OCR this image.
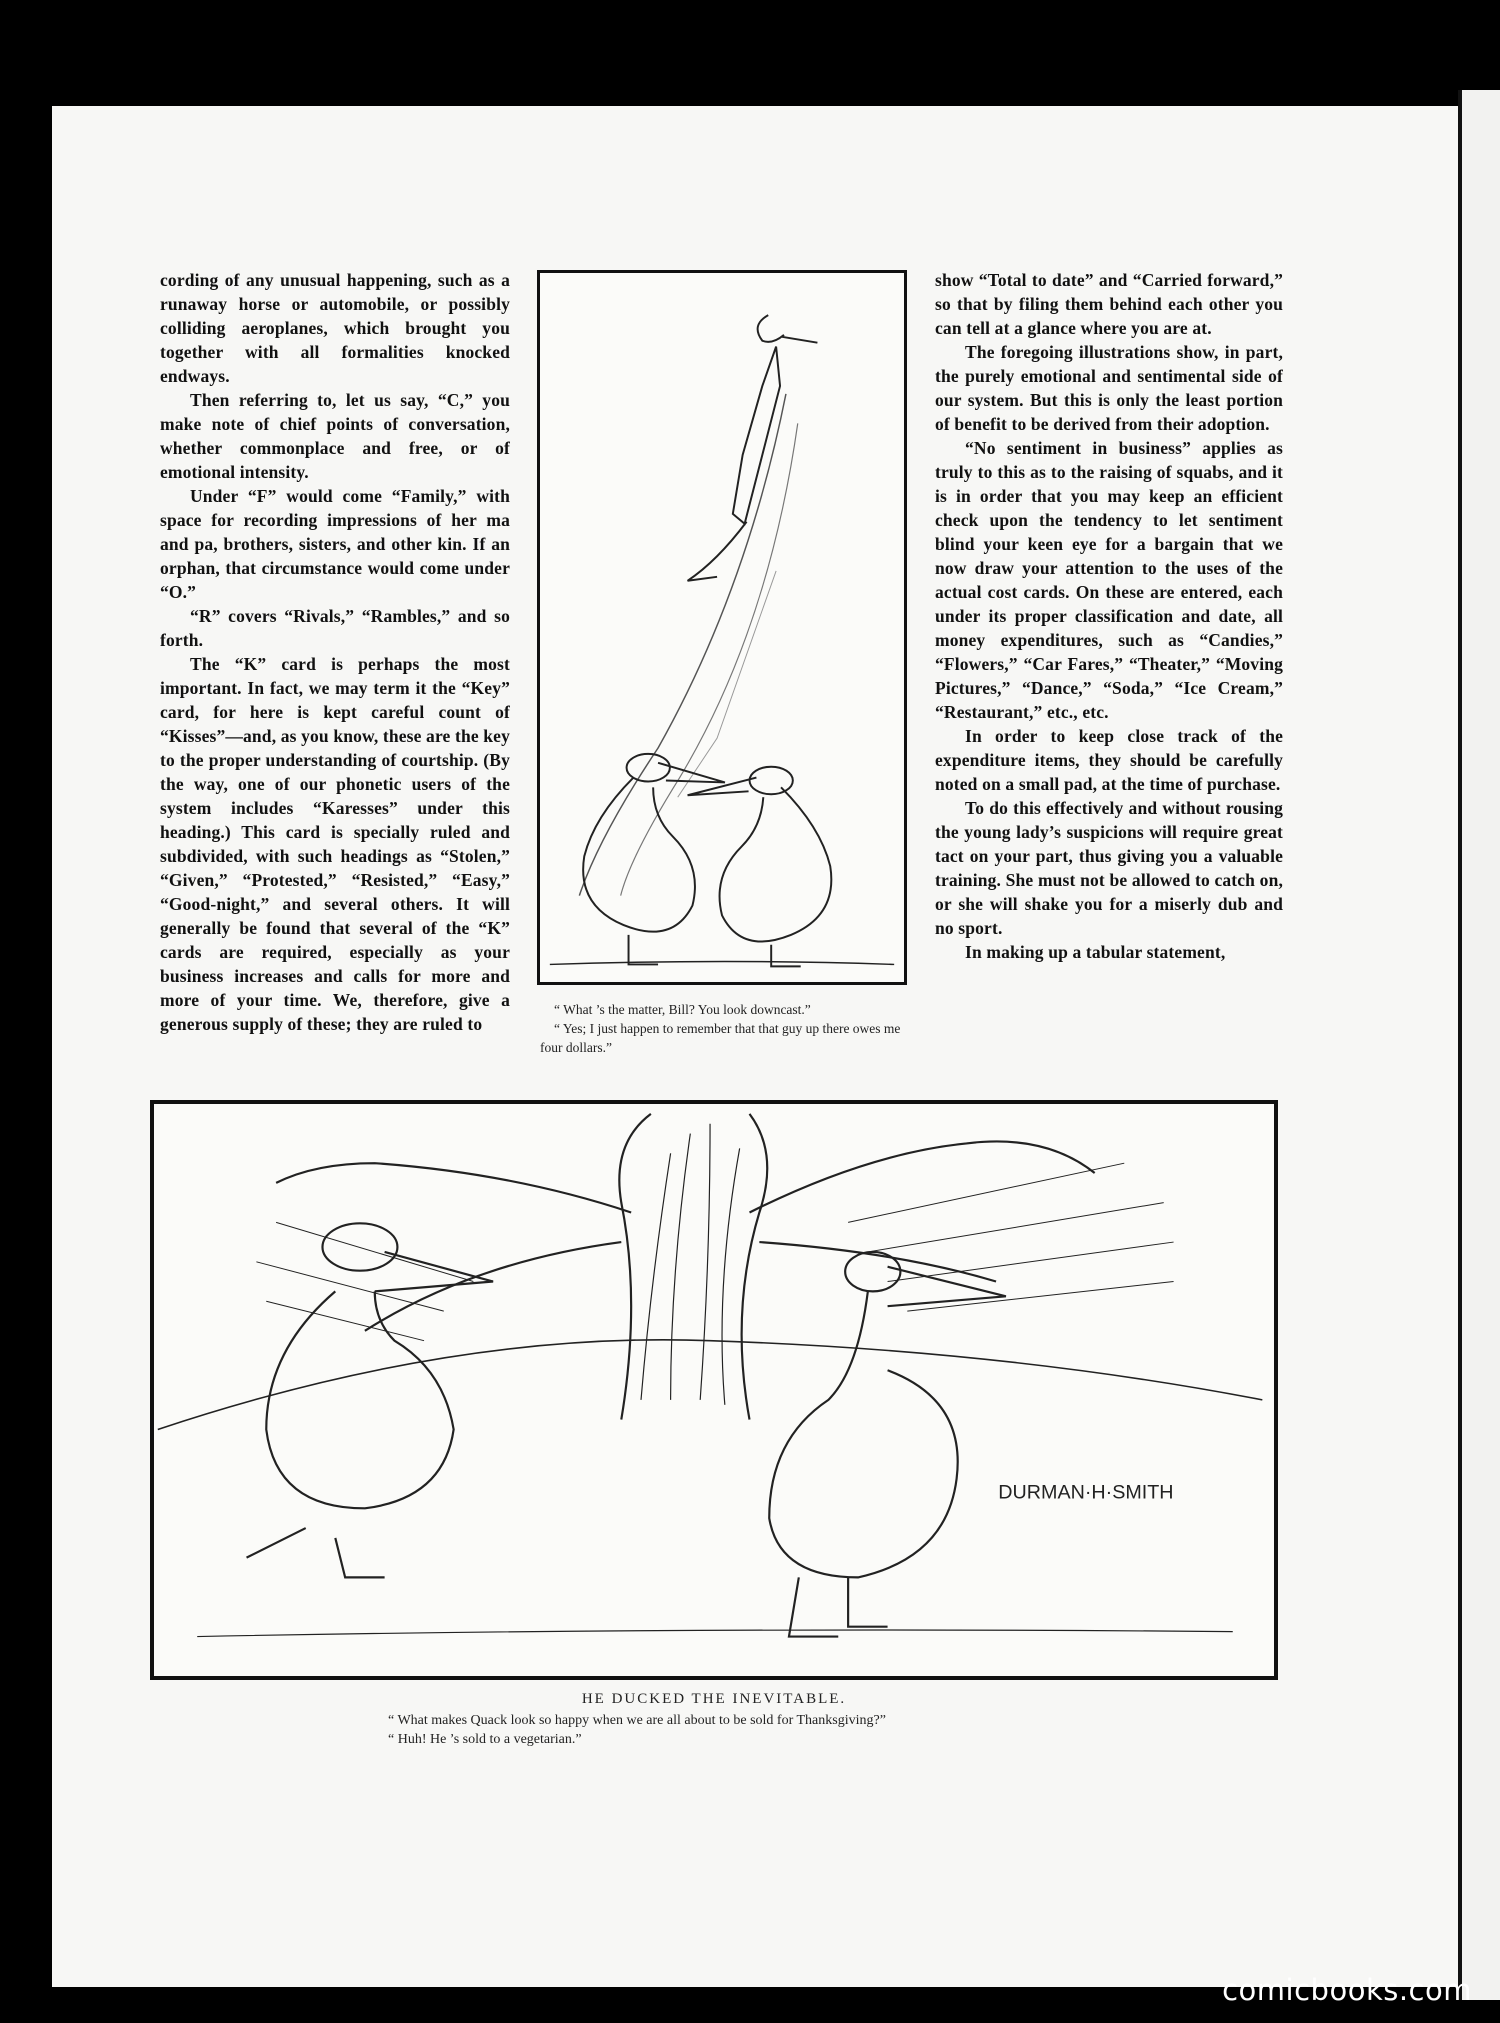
cording of any unusual happening, such as a runaway horse or automobile, or possibly colliding aeroplanes, which brought you together with all formalities knocked endways.

Then referring to, let us say, “C,” you make note of chief points of conversation, whether commonplace and free, or of emotional intensity.

Under “F” would come “Family,” with space for recording impressions of her ma and pa, brothers, sisters, and other kin. If an orphan, that circumstance would come under “O.”

“R” covers “Rivals,” “Rambles,” and so forth.

The “K” card is perhaps the most important. In fact, we may term it the “Key” card, for here is kept careful count of “Kisses”—and, as you know, these are the key to the proper understanding of courtship. (By the way, one of our phonetic users of the system includes “Karesses” under this heading.) This card is specially ruled and subdivided, with such headings as “Stolen,” “Given,” “Protested,” “Resisted,” “Easy,” “Good-night,” and several others. It will generally be found that several of the “K” cards are required, especially as your business increases and calls for more and more of your time. We, therefore, give a generous supply of these; they are ruled to

“ What ’s the matter, Bill? You look downcast.”

“ Yes; I just happen to remember that that guy up there owes me four dollars.”

show “Total to date” and “Carried forward,” so that by filing them behind each other you can tell at a glance where you are at.

The foregoing illustrations show, in part, the purely emotional and sentimental side of our system. But this is only the least portion of benefit to be derived from their adoption.

“No sentiment in business” applies as truly to this as to the raising of squabs, and it is in order that you may keep an efficient check upon the tendency to let sentiment blind your keen eye for a bargain that we now draw your attention to the uses of the actual cost cards. On these are entered, each under its proper classification and date, all money expenditures, such as “Candies,” “Flowers,” “Car Fares,” “Theater,” “Moving Pictures,” “Dance,” “Soda,” “Ice Cream,” “Restaurant,” etc., etc.

In order to keep close track of the expenditure items, they should be carefully noted on a small pad, at the time of purchase.

To do this effectively and without rousing the young lady’s suspicions will require great tact on your part, thus giving you a valuable training. She must not be allowed to catch on, or she will shake you for a miserly dub and no sport.

In making up a tabular statement,

DURMAN·H·SMITH
HE DUCKED THE INEVITABLE.
“ What makes Quack look so happy when we are all about to be sold for Thanksgiving?”
“ Huh! He ’s sold to a vegetarian.”
comicbooks.com
